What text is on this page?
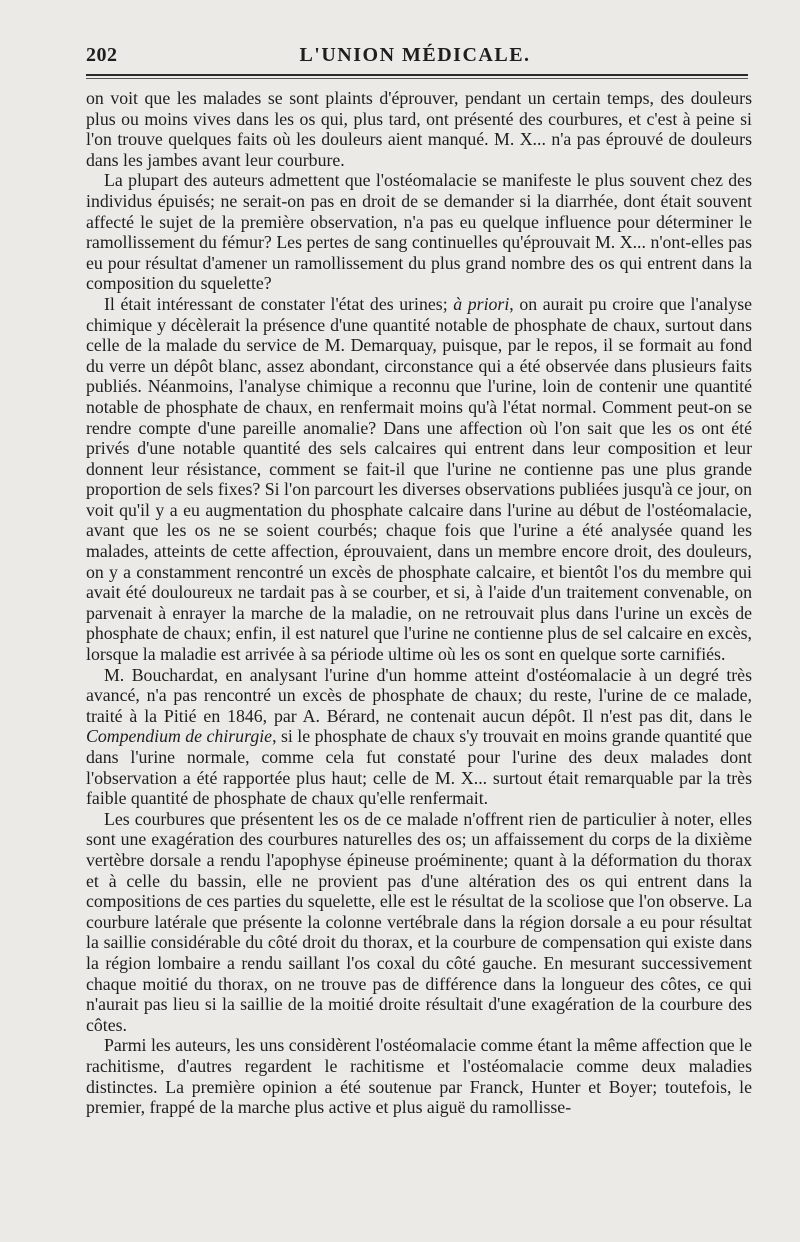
202	L'UNION MÉDICALE.

on voit que les malades se sont plaints d'éprouver, pendant un certain temps, des douleurs plus ou moins vives dans les os qui, plus tard, ont présenté des courbures, et c'est à peine si l'on trouve quelques faits où les douleurs aient manqué. M. X... n'a pas éprouvé de douleurs dans les jambes avant leur courbure.

La plupart des auteurs admettent que l'ostéomalacie se manifeste le plus souvent chez des individus épuisés; ne serait-on pas en droit de se demander si la diarrhée, dont était souvent affecté le sujet de la première observation, n'a pas eu quelque influence pour déterminer le ramollissement du fémur? Les pertes de sang continuelles qu'éprouvait M. X... n'ont-elles pas eu pour résultat d'amener un ramollissement du plus grand nombre des os qui entrent dans la composition du squelette?

Il était intéressant de constater l'état des urines; à priori, on aurait pu croire que l'analyse chimique y décèlerait la présence d'une quantité notable de phosphate de chaux, surtout dans celle de la malade du service de M. Demarquay, puisque, par le repos, il se formait au fond du verre un dépôt blanc, assez abondant, circonstance qui a été observée dans plusieurs faits publiés. Néanmoins, l'analyse chimique a reconnu que l'urine, loin de contenir une quantité notable de phosphate de chaux, en renfermait moins qu'à l'état normal. Comment peut-on se rendre compte d'une pareille anomalie? Dans une affection où l'on sait que les os ont été privés d'une notable quantité des sels calcaires qui entrent dans leur composition et leur donnent leur résistance, comment se fait-il que l'urine ne contienne pas une plus grande proportion de sels fixes? Si l'on parcourt les diverses observations publiées jusqu'à ce jour, on voit qu'il y a eu augmentation du phosphate calcaire dans l'urine au début de l'ostéomalacie, avant que les os ne se soient courbés; chaque fois que l'urine a été analysée quand les malades, atteints de cette affection, éprouvaient, dans un membre encore droit, des douleurs, on y a constamment rencontré un excès de phosphate calcaire, et bientôt l'os du membre qui avait été douloureux ne tardait pas à se courber, et si, à l'aide d'un traitement convenable, on parvenait à enrayer la marche de la maladie, on ne retrouvait plus dans l'urine un excès de phosphate de chaux; enfin, il est naturel que l'urine ne contienne plus de sel calcaire en excès, lorsque la maladie est arrivée à sa période ultime où les os sont en quelque sorte carnifiés.

M. Bouchardat, en analysant l'urine d'un homme atteint d'ostéomalacie à un degré très avancé, n'a pas rencontré un excès de phosphate de chaux; du reste, l'urine de ce malade, traité à la Pitié en 1846, par A. Bérard, ne contenait aucun dépôt. Il n'est pas dit, dans le Compendium de chirurgie, si le phosphate de chaux s'y trouvait en moins grande quantité que dans l'urine normale, comme cela fut constaté pour l'urine des deux malades dont l'observation a été rapportée plus haut; celle de M. X... surtout était remarquable par la très faible quantité de phosphate de chaux qu'elle renfermait.

Les courbures que présentent les os de ce malade n'offrent rien de particulier à noter, elles sont une exagération des courbures naturelles des os; un affaissement du corps de la dixième vertèbre dorsale a rendu l'apophyse épineuse proéminente; quant à la déformation du thorax et à celle du bassin, elle ne provient pas d'une altération des os qui entrent dans la compositions de ces parties du squelette, elle est le résultat de la scoliose que l'on observe. La courbure latérale que présente la colonne vertébrale dans la région dorsale a eu pour résultat la saillie considérable du côté droit du thorax, et la courbure de compensation qui existe dans la région lombaire a rendu saillant l'os coxal du côté gauche. En mesurant successivement chaque moitié du thorax, on ne trouve pas de différence dans la longueur des côtes, ce qui n'aurait pas lieu si la saillie de la moitié droite résultait d'une exagération de la courbure des côtes.

Parmi les auteurs, les uns considèrent l'ostéomalacie comme étant la même affection que le rachitisme, d'autres regardent le rachitisme et l'ostéomalacie comme deux maladies distinctes. La première opinion a été soutenue par Franck, Hunter et Boyer; toutefois, le premier, frappé de la marche plus active et plus aiguë du ramollisse-
